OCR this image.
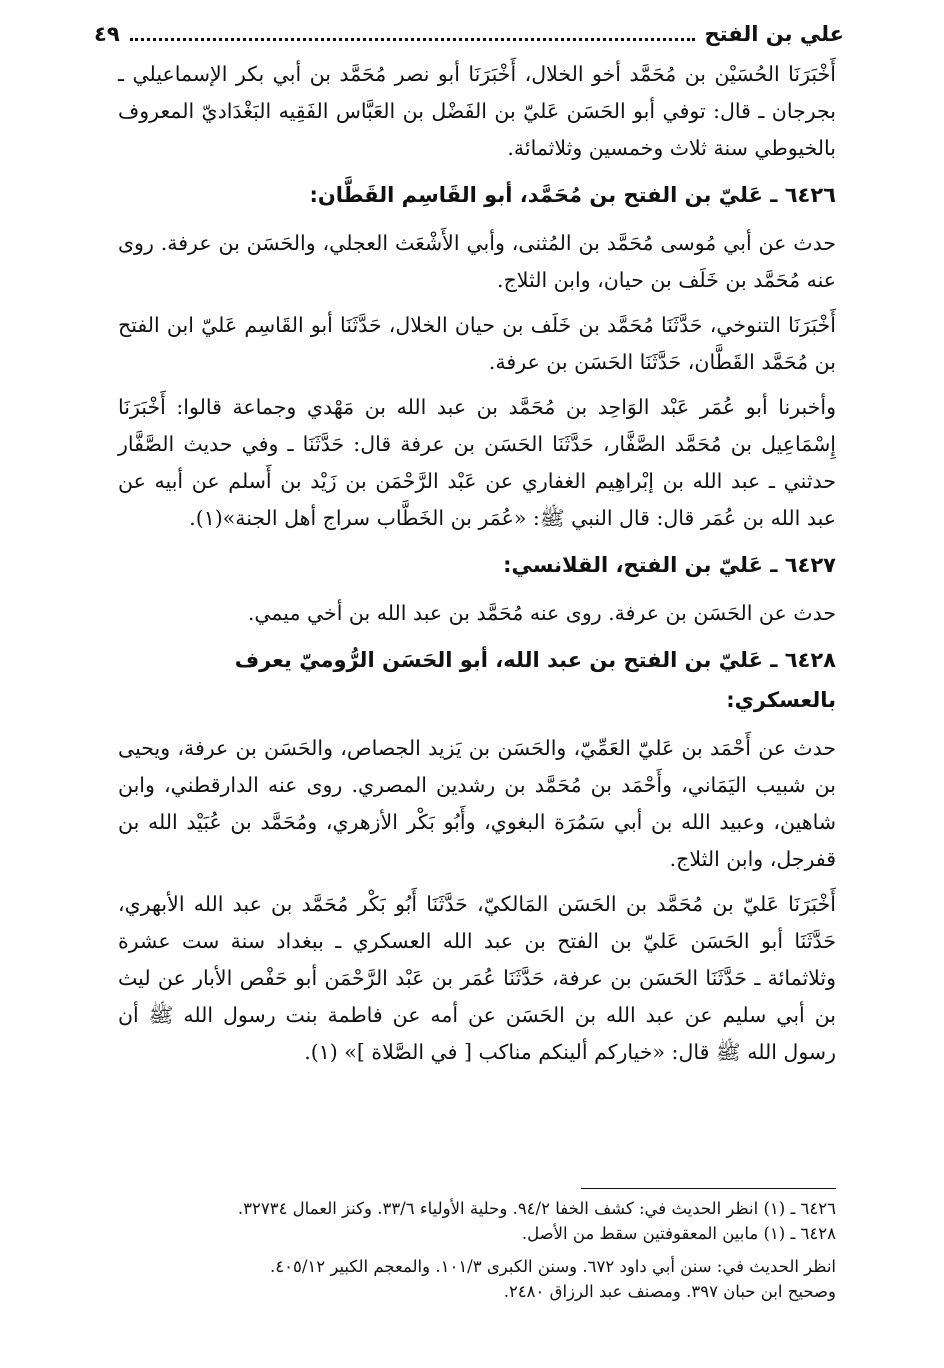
علي بن الفتح
٤٩

أَخْبَرَنَا الحُسَيْن بن مُحَمَّد أخو الخلال، أَخْبَرَنَا أبو نصر مُحَمَّد بن أبي بكر الإسماعيلي ـ بجرجان ـ قال: توفي أبو الحَسَن عَليّ بن الفَضْل بن العَبَّاس الفَقِيه البَغْدَاديّ المعروف بالخيوطي سنة ثلاث وخمسين وثلاثمائة.

٦٤٢٦ ـ عَليّ بن الفتح بن مُحَمَّد، أبو القَاسِم القَطَّان:

حدث عن أبي مُوسى مُحَمَّد بن المُثنى، وأبي الأَشْعَث العجلي، والحَسَن بن عرفة. روى عنه مُحَمَّد بن خَلَف بن حيان، وابن الثلاج.

أَخْبَرَنَا التنوخي، حَدَّثَنَا مُحَمَّد بن خَلَف بن حيان الخلال، حَدَّثَنَا أبو القَاسِم عَليّ ابن الفتح بن مُحَمَّد القَطَّان، حَدَّثَنَا الحَسَن بن عرفة.

وأخبرنا أبو عُمَر عَبْد الوَاحِد بن مُحَمَّد بن عبد الله بن مَهْدي وجماعة قالوا: أَخْبَرَنَا إِسْمَاعِيل بن مُحَمَّد الصَّفَّار، حَدَّثَنَا الحَسَن بن عرفة قال: حَدَّثَنَا ـ وفي حديث الصَّفَّار حدثني ـ عبد الله بن إبْراهِيم الغفاري عن عَبْد الرَّحْمَن بن زَيْد بن أَسلم عن أبيه عن عبد الله بن عُمَر قال: قال النبي ﷺ: «عُمَر بن الخَطَّاب سراج أهل الجنة»(١).

٦٤٢٧ ـ عَليّ بن الفتح، القلانسي:

حدث عن الحَسَن بن عرفة. روى عنه مُحَمَّد بن عبد الله بن أخي ميمي.

٦٤٢٨ ـ عَليّ بن الفتح بن عبد الله، أبو الحَسَن الرُّوميّ يعرف بالعسكري:

حدث عن أَحْمَد بن عَليّ العَمِّيّ، والحَسَن بن يَزيد الجصاص، والحَسَن بن عرفة، ويحيى بن شبيب اليَمَاني، وأَحْمَد بن مُحَمَّد بن رشدين المصري. روى عنه الدارقطني، وابن شاهين، وعبيد الله بن أبي سَمُرَة البغوي، وأَبُو بَكْر الأزهري، ومُحَمَّد بن عُبَيْد الله بن قفرجل، وابن الثلاج.

أَخْبَرَنَا عَليّ بن مُحَمَّد بن الحَسَن المَالكيّ، حَدَّثَنَا أَبُو بَكْر مُحَمَّد بن عبد الله الأبهري، حَدَّثَنَا أبو الحَسَن عَليّ بن الفتح بن عبد الله العسكري ـ ببغداد سنة ست عشرة وثلاثمائة ـ حَدَّثَنَا الحَسَن بن عرفة، حَدَّثَنَا عُمَر بن عَبْد الرَّحْمَن أبو حَفْص الأبار عن ليث بن أبي سليم عن عبد الله بن الحَسَن عن أمه عن فاطمة بنت رسول الله ﷺ أن رسول الله ﷺ قال: «خياركم ألينكم مناكب [ في الصَّلاة ]» (١).

٦٤٢٦ ـ (١) انظر الحديث في: كشف الخفا ٩٤/٢. وحلية الأولياء ٣٣/٦. وكنز العمال ٣٢٧٣٤.
٦٤٢٨ ـ (١) مابين المعقوفتين سقط من الأصل.
انظر الحديث في: سنن أبي داود ٦٧٢. وسنن الكبرى ١٠١/٣. والمعجم الكبير ٤٠٥/١٢.
وصحيح ابن حبان ٣٩٧. ومصنف عبد الرزاق ٢٤٨٠.
